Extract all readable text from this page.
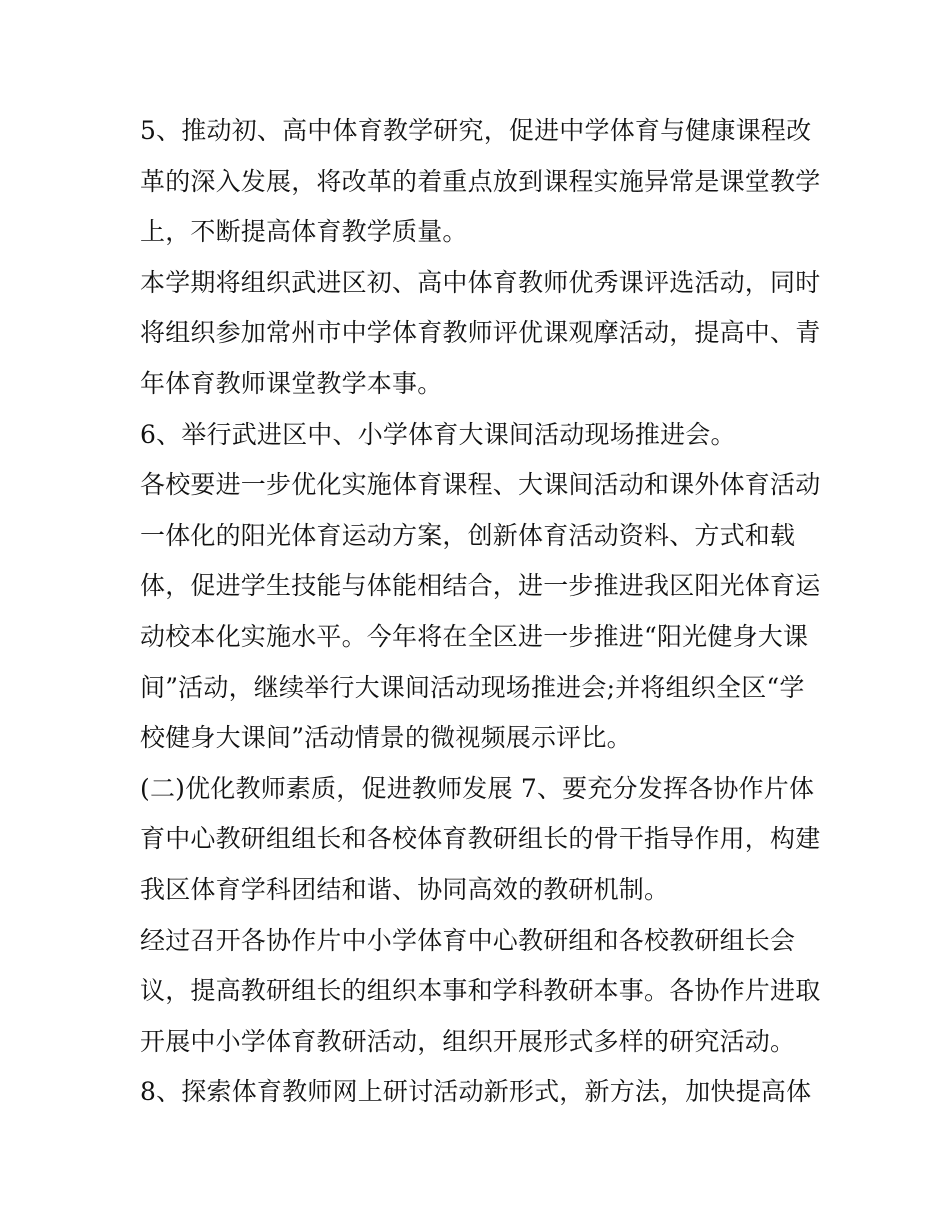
5、推动初、高中体育教学研究，促进中学体育与健康课程改
革的深入发展，将改革的着重点放到课程实施异常是课堂教学
上，不断提高体育教学质量。
本学期将组织武进区初、高中体育教师优秀课评选活动，同时
将组织参加常州市中学体育教师评优课观摩活动，提高中、青
年体育教师课堂教学本事。
6、举行武进区中、小学体育大课间活动现场推进会。
各校要进一步优化实施体育课程、大课间活动和课外体育活动
一体化的阳光体育运动方案，创新体育活动资料、方式和载
体，促进学生技能与体能相结合，进一步推进我区阳光体育运
动校本化实施水平。今年将在全区进一步推进“阳光健身大课
间”活动，继续举行大课间活动现场推进会;并将组织全区“学
校健身大课间”活动情景的微视频展示评比。
(二)优化教师素质，促进教师发展 7、要充分发挥各协作片体
育中心教研组组长和各校体育教研组长的骨干指导作用，构建
我区体育学科团结和谐、协同高效的教研机制。
经过召开各协作片中小学体育中心教研组和各校教研组长会
议，提高教研组长的组织本事和学科教研本事。各协作片进取
开展中小学体育教研活动，组织开展形式多样的研究活动。
8、探索体育教师网上研讨活动新形式，新方法，加快提高体
